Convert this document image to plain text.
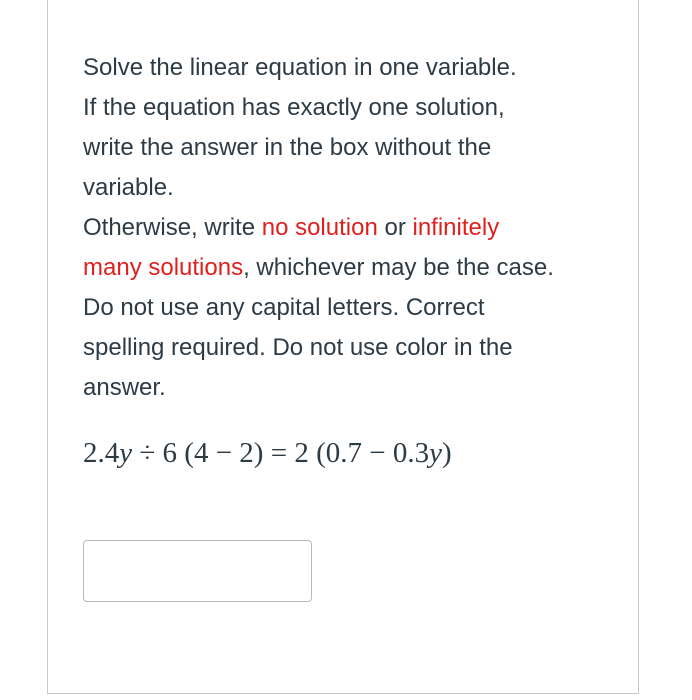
Solve the linear equation in one variable.
If the equation has exactly one solution,
write the answer in the box without the
variable.
Otherwise, write no solution or infinitely
many solutions, whichever may be the case.
Do not use any capital letters. Correct
spelling required. Do not use color in the
answer.
2.4y ÷ 6 (4 − 2) = 2 (0.7 − 0.3y)
